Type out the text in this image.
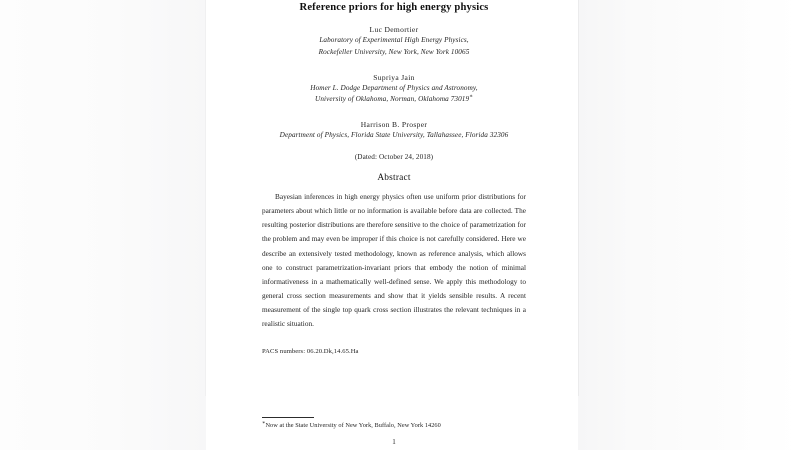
Reference priors for high energy physics
Luc Demortier
Laboratory of Experimental High Energy Physics,
Rockefeller University, New York, New York 10065
Supriya Jain
Homer L. Dodge Department of Physics and Astronomy,
University of Oklahoma, Norman, Oklahoma 73019∗
Harrison B. Prosper
Department of Physics, Florida State University, Tallahassee, Florida 32306
(Dated: October 24, 2018)
Abstract
Bayesian inferences in high energy physics often use uniform prior distributions for parameters about which little or no information is available before data are collected. The resulting posterior distributions are therefore sensitive to the choice of parametrization for the problem and may even be improper if this choice is not carefully considered. Here we describe an extensively tested methodology, known as reference analysis, which allows one to construct parametrization-invariant priors that embody the notion of minimal informativeness in a mathematically well-defined sense. We apply this methodology to general cross section measurements and show that it yields sensible results. A recent measurement of the single top quark cross section illustrates the relevant techniques in a realistic situation.
PACS numbers: 06.20.Dk,14.65.Ha
∗Now at the State University of New York, Buffalo, New York 14260
1
